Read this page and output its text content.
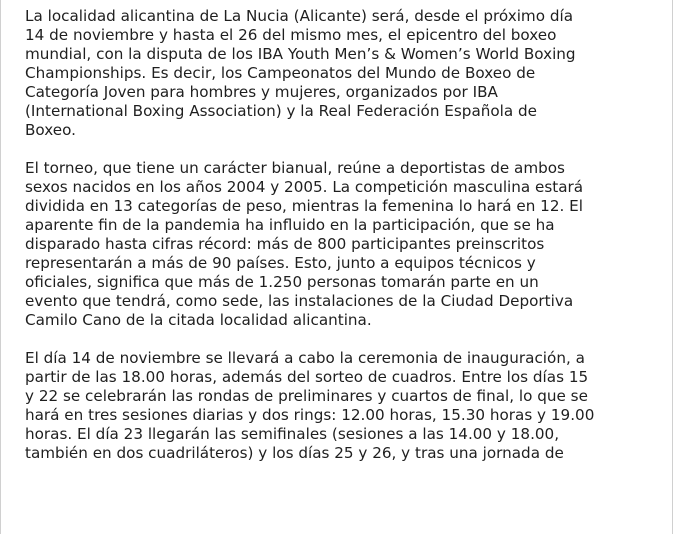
La localidad alicantina de La Nucia (Alicante) será, desde el próximo día
14 de noviembre y hasta el 26 del mismo mes, el epicentro del boxeo
mundial, con la disputa de los IBA Youth Men’s & Women’s World Boxing
Championships. Es decir, los Campeonatos del Mundo de Boxeo de
Categoría Joven para hombres y mujeres, organizados por IBA
(International Boxing Association) y la Real Federación Española de
Boxeo.

El torneo, que tiene un carácter bianual, reúne a deportistas de ambos
sexos nacidos en los años 2004 y 2005. La competición masculina estará
dividida en 13 categorías de peso, mientras la femenina lo hará en 12. El
aparente fin de la pandemia ha influido en la participación, que se ha
disparado hasta cifras récord: más de 800 participantes preinscritos
representarán a más de 90 países. Esto, junto a equipos técnicos y
oficiales, significa que más de 1.250 personas tomarán parte en un
evento que tendrá, como sede, las instalaciones de la Ciudad Deportiva
Camilo Cano de la citada localidad alicantina.

El día 14 de noviembre se llevará a cabo la ceremonia de inauguración, a
partir de las 18.00 horas, además del sorteo de cuadros. Entre los días 15
y 22 se celebrarán las rondas de preliminares y cuartos de final, lo que se
hará en tres sesiones diarias y dos rings: 12.00 horas, 15.30 horas y 19.00
horas. El día 23 llegarán las semifinales (sesiones a las 14.00 y 18.00,
también en dos cuadriláteros) y los días 25 y 26, y tras una jornada de
